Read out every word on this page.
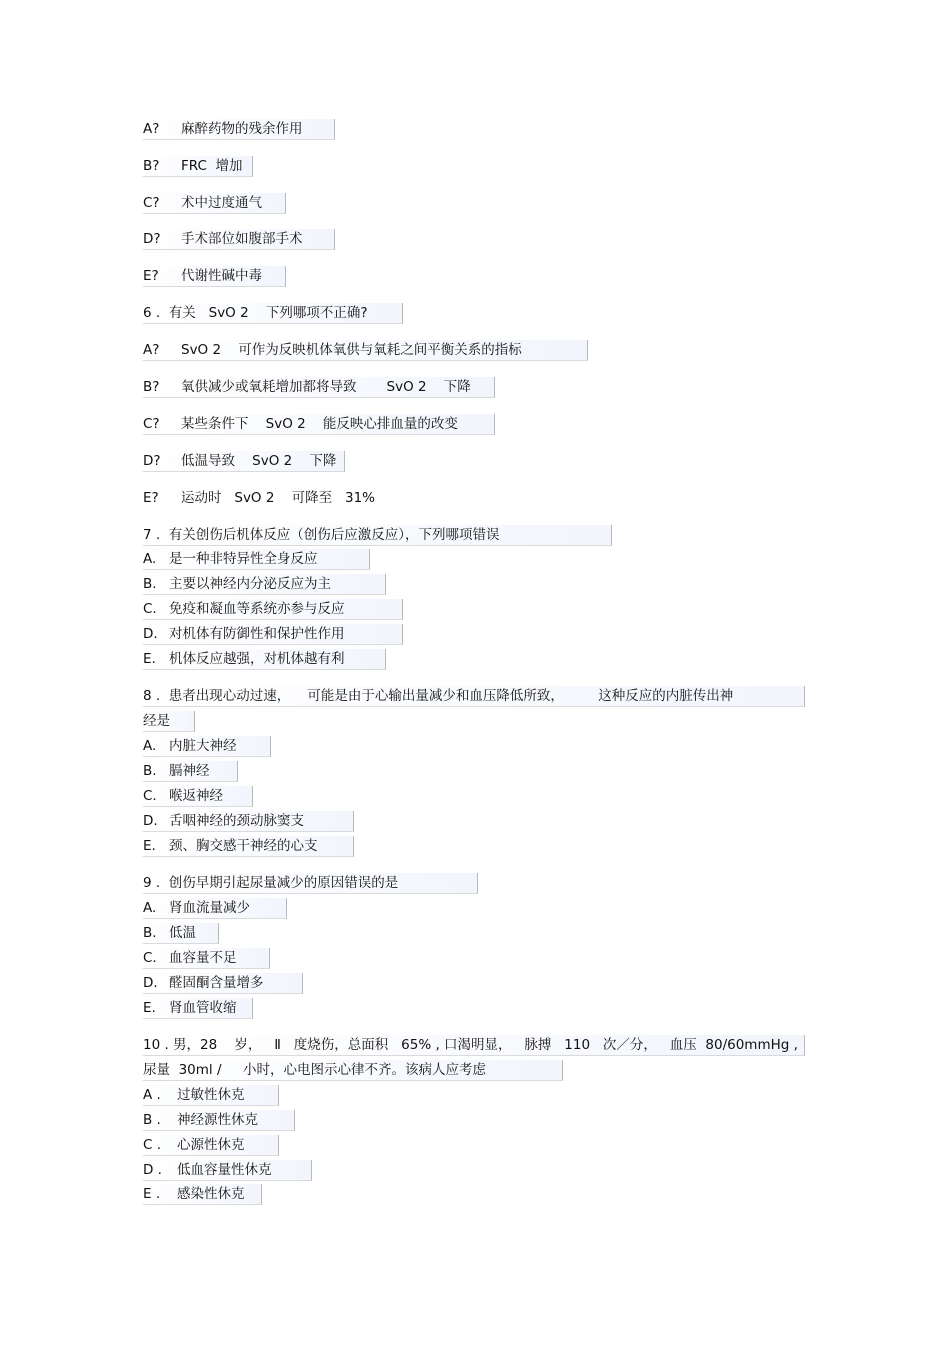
A? 麻醉药物的残余作用
B? FRC  增加
C? 术中过度通气
D? 手术部位如腹部手术
E? 代谢性碱中毒
6 .  有关   SvO 2    下列哪项不正确?
A? SvO 2    可作为反映机体氧供与氧耗之间平衡关系的指标
B? 氧供减少或氧耗增加都将导致       SvO 2    下降
C? 某些条件下    SvO 2    能反映心排血量的改变
D? 低温导致    SvO 2    下降
E? 运动时   SvO 2    可降至   31%
7 .  有关创伤后机体反应（创伤后应激反应），下列哪项错误
A. 是一种非特异性全身反应
B. 主要以神经内分泌反应为主
C. 免疫和凝血等系统亦参与反应
D. 对机体有防御性和保护性作用
E. 机体反应越强，对机体越有利
8 .  患者出现心动过速，    可能是由于心输出量减少和血压降低所致，        这种反应的内脏传出神
经是
A. 内脏大神经
B. 膈神经
C. 喉返神经
D. 舌咽神经的颈动脉窦支
E. 颈、胸交感干神经的心支
9 .  创伤早期引起尿量减少的原因错误的是
A. 肾血流量减少
B. 低温
C. 血容量不足
D. 醛固酮含量增多
E. 肾血管收缩
10 . 男，28    岁，   Ⅱ   度烧伤，总面积   65% , 口渴明显，   脉搏   110   次／分，   血压  80/60mmHg ,
尿量  30ml /     小时，心电图示心律不齐。该病人应考虑
A . 过敏性休克
B . 神经源性休克
C . 心源性休克
D . 低血容量性休克
E . 感染性休克
